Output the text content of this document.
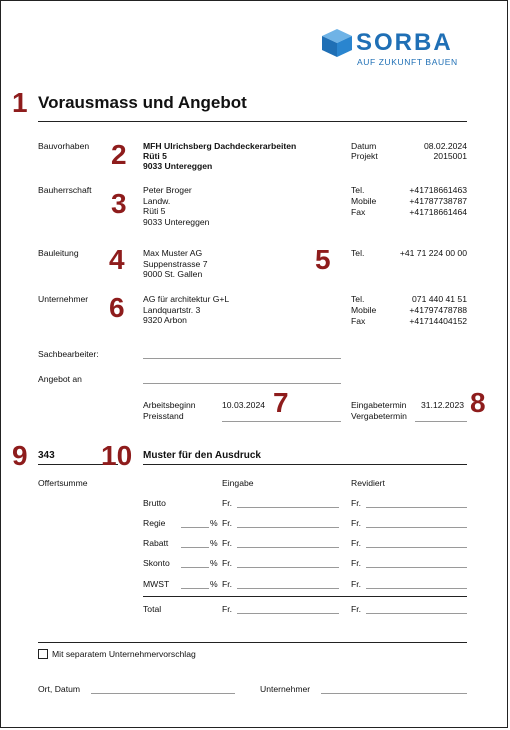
SORBA
AUF ZUKUNFT BAUEN
1 Vorausmass und Angebot
Bauvorhaben 2 MFH Ulrichsberg Dachdeckerarbeiten
Rüti 5
9033 Untereggen
Datum	08.02.2024
Projekt	2015001
Bauherrschaft 3 Peter Broger
Landw.
Rüti 5
9033 Untereggen
Tel.	+41718661463
Mobile	+41787738787
Fax	+41718661464
Bauleitung 4 Max Muster AG
Suppenstrasse 7
9000 St. Gallen	5 Tel.	+41 71 224 00 00
Unternehmer 6 AG für architektur G+L
Landquartstr. 3
9320 Arbon
Tel.	071 440 41 51
Mobile	+41797478788
Fax	+41714404152
Sachbearbeiter:
Angebot an
Arbeitsbeginn	10.03.2024 7
Preisstand
Eingabetermin 31.12.2023 8
Vergabetermin
9 343 10 Muster für den Ausdruck
Offertsumme	Eingabe	Revidiert
Brutto	Fr.	Fr.
Regie	% Fr.	Fr.
Rabatt	% Fr.	Fr.
Skonto	% Fr.	Fr.
MWST	% Fr.	Fr.
Total	Fr.	Fr.
Mit separatem Unternehmervorschlag
Ort, Datum	Unternehmer
